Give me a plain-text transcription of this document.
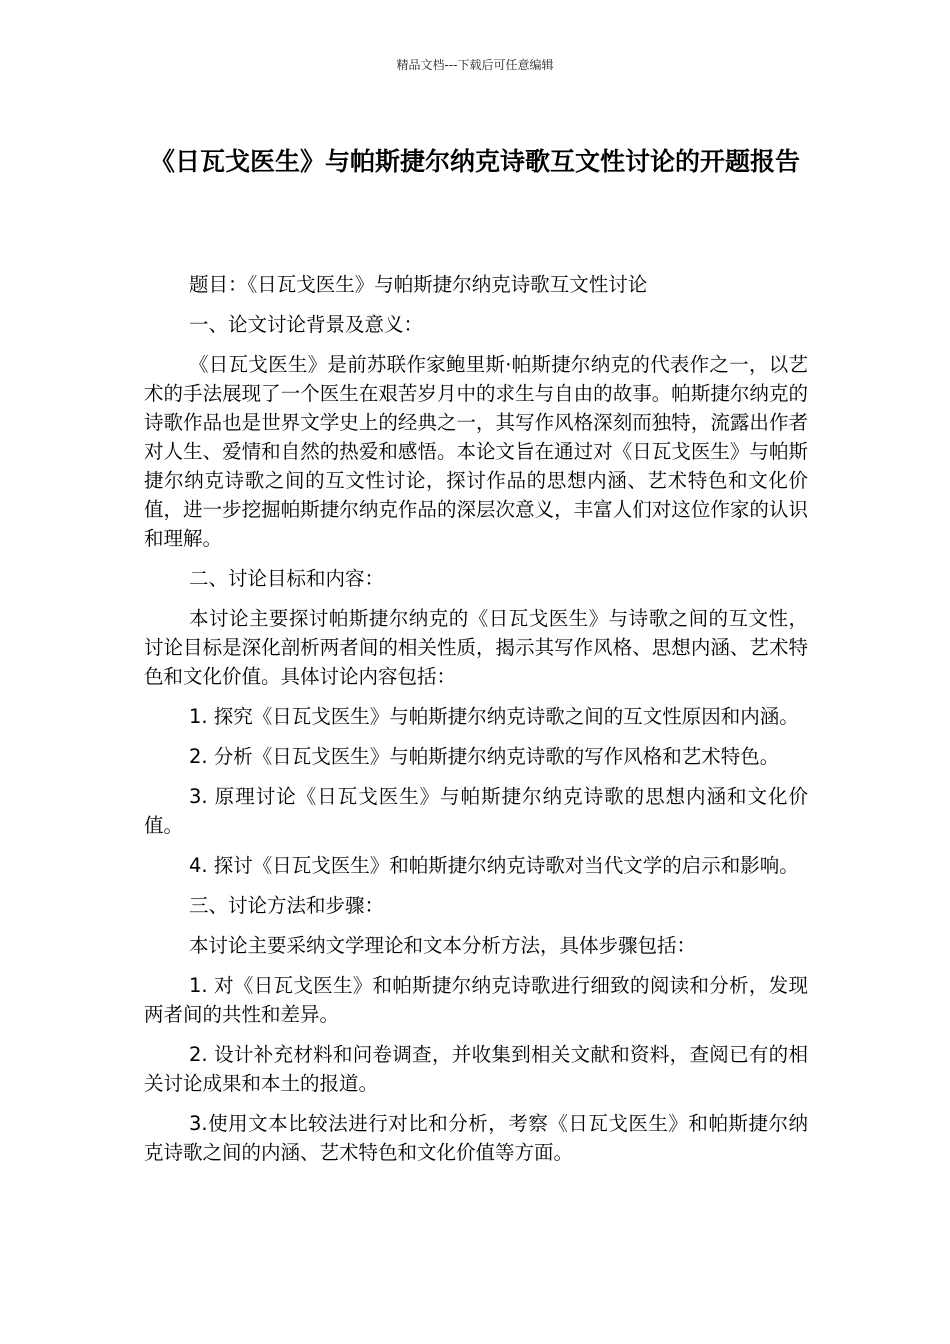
精品文档---下载后可任意编辑
《日瓦戈医生》与帕斯捷尔纳克诗歌互文性讨论的开题报告

题目：《日瓦戈医生》与帕斯捷尔纳克诗歌互文性讨论

一、论文讨论背景及意义：

《日瓦戈医生》是前苏联作家鲍里斯·帕斯捷尔纳克的代表作之一，以艺术的手法展现了一个医生在艰苦岁月中的求生与自由的故事。帕斯捷尔纳克的诗歌作品也是世界文学史上的经典之一，其写作风格深刻而独特，流露出作者对人生、爱情和自然的热爱和感悟。本论文旨在通过对《日瓦戈医生》与帕斯捷尔纳克诗歌之间的互文性讨论，探讨作品的思想内涵、艺术特色和文化价值，进一步挖掘帕斯捷尔纳克作品的深层次意义，丰富人们对这位作家的认识和理解。

二、讨论目标和内容：

本讨论主要探讨帕斯捷尔纳克的《日瓦戈医生》与诗歌之间的互文性，讨论目标是深化剖析两者间的相关性质，揭示其写作风格、思想内涵、艺术特色和文化价值。具体讨论内容包括：

1. 探究《日瓦戈医生》与帕斯捷尔纳克诗歌之间的互文性原因和内涵。

2. 分析《日瓦戈医生》与帕斯捷尔纳克诗歌的写作风格和艺术特色。

3. 原理讨论《日瓦戈医生》与帕斯捷尔纳克诗歌的思想内涵和文化价值。

4. 探讨《日瓦戈医生》和帕斯捷尔纳克诗歌对当代文学的启示和影响。

三、讨论方法和步骤：

本讨论主要采纳文学理论和文本分析方法，具体步骤包括：

1. 对《日瓦戈医生》和帕斯捷尔纳克诗歌进行细致的阅读和分析，发现两者间的共性和差异。

2. 设计补充材料和问卷调查，并收集到相关文献和资料，查阅已有的相关讨论成果和本土的报道。

3.使用文本比较法进行对比和分析，考察《日瓦戈医生》和帕斯捷尔纳克诗歌之间的内涵、艺术特色和文化价值等方面。
